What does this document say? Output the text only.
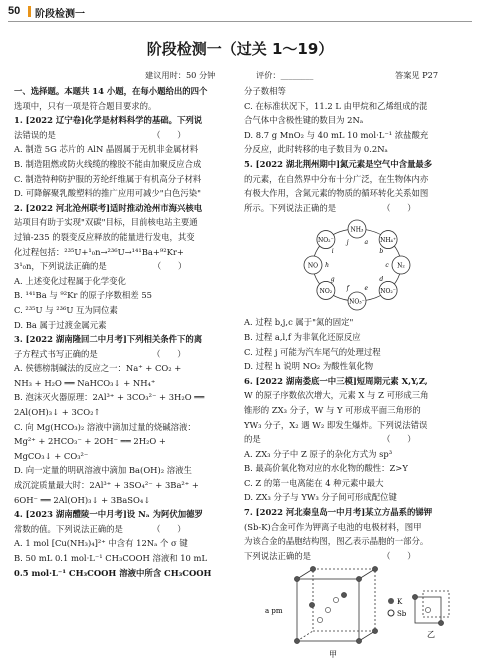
50 阶段检测一
阶段检测一（过关 1～19）
建议用时：50 分钟	评价：________	答案见 P27

一、选择题。本题共 14 小题，在每小题给出的四个

选项中，只有一项是符合题目要求的。

1. [2022 辽宁卷]化学是材料科学的基础。下列说

法错误的是　　　　　　　　　　　　（　　）

A. 制造 5G 芯片的 AlN 晶圆属于无机非金属材料

B. 制造阻燃或防火线缆的橡胶不能由加聚反应合成

C. 制造特种防护服的芳纶纤维属于有机高分子材料

D. 可降解聚乳酸塑料的推广应用可减少"白色污染"

2. [2022 河北沧州联考]适时推动沧州市海兴核电

站项目有助于实现"双碳"目标，目前核电站主要通

过铀-235 的裂变反应释放的能量进行发电，其变

化过程包括：²³⁵U+¹₀n→²³⁶U→¹⁴¹Ba+⁹²Kr+

3¹₀n，下列说法正确的是　　　　　　（　　）

A. 上述变化过程属于化学变化

B. ¹⁴¹Ba 与 ⁹²Kr 的原子序数相差 55

C. ²³⁵U 与 ²³⁶U 互为同位素

D. Ba 属于过渡金属元素

3. [2022 湖南隆回二中月考]下列相关条件下的离

子方程式书写正确的是　　　　　　　（　　）

A. 侯德榜制碱法的反应之一：Na⁺ + CO₂ +

NH₃ + H₂O ══ NaHCO₃↓ + NH₄⁺

B. 泡沫灭火器原理：2Al³⁺ + 3CO₃²⁻ + 3H₂O ══

2Al(OH)₃↓ + 3CO₂↑

C. 向 Mg(HCO₃)₂ 溶液中滴加过量的烧碱溶液：

Mg²⁺ + 2HCO₃⁻ + 2OH⁻ ══ 2H₂O +

MgCO₃↓ + CO₃²⁻

D. 向一定量的明矾溶液中滴加 Ba(OH)₂ 溶液生

成沉淀质量最大时：2Al³⁺ + 3SO₄²⁻ + 3Ba²⁺ +

6OH⁻ ══ 2Al(OH)₃↓ + 3BaSO₄↓

4. [2023 湖南醴陵一中月考]设 Nₐ 为阿伏加德罗

常数的值。下列说法正确的是　　　　（　　）

A. 1 mol [Cu(NH₃)₄]²⁺ 中含有 12Nₐ 个 σ 键

B. 50 mL 0.1 mol·L⁻¹ CH₃COOH 溶液和 10 mL

0.5 mol·L⁻¹ CH₃COOH 溶液中所含 CH₃COOH

分子数相等

C. 在标准状况下，11.2 L 由甲烷和乙烯组成的混

合气体中含极性键的数目为 2Nₐ

D. 8.7 g MnO₂ 与 40 mL 10 mol·L⁻¹ 浓盐酸充

分反应，此时转移的电子数目为 0.2Nₐ

5. [2022 湖北荆州期中]氮元素是空气中含量最多

的元素，在自然界中分布十分广泛，在生物体内亦

有极大作用，含氮元素的物质的循环转化关系如图

所示。下列说法正确的是　　　　　　（　　）

NH₃
NH₄⁺
N₂
NO₂⁻
NO₃⁻
NO₂
NO
NO₂⁻	a
b
c
d
e
f
g
h
i
j

A. 过程 b,j,c 属于"氮的固定"

B. 过程 a,l,f 为非氧化还原反应

C. 过程 j 可能为汽车尾气的处理过程

D. 过程 h 说明 NO₂ 为酸性氧化物

6. [2022 湖南娄底一中三模]短周期元素 X,Y,Z,

W 的原子序数依次增大，元素 X 与 Z 可形成三角

锥形的 ZX₃ 分子，W 与 Y 可形成平面三角形的

YW₃ 分子，X₂ 遇 W₂ 即发生爆炸。下列说法错误

的是　　　　　　　　　　　　　　　（　　）

A. ZX₃ 分子中 Z 原子的杂化方式为 sp³

B. 最高价氧化物对应的水化物的酸性：Z>Y

C. Z 的第一电离能在 4 种元素中最大

D. ZX₃ 分子与 YW₃ 分子间可形成配位键

7. [2022 河北秦皇岛一中月考]某立方晶系的锑钾

(Sb-K)合金可作为钾离子电池的电极材料，图甲

为该合金的晶胞结构图，图乙表示晶胞的一部分。

下列说法正确的是　　　　　　　　　（　　）

a pm
K
Sb
甲
乙
